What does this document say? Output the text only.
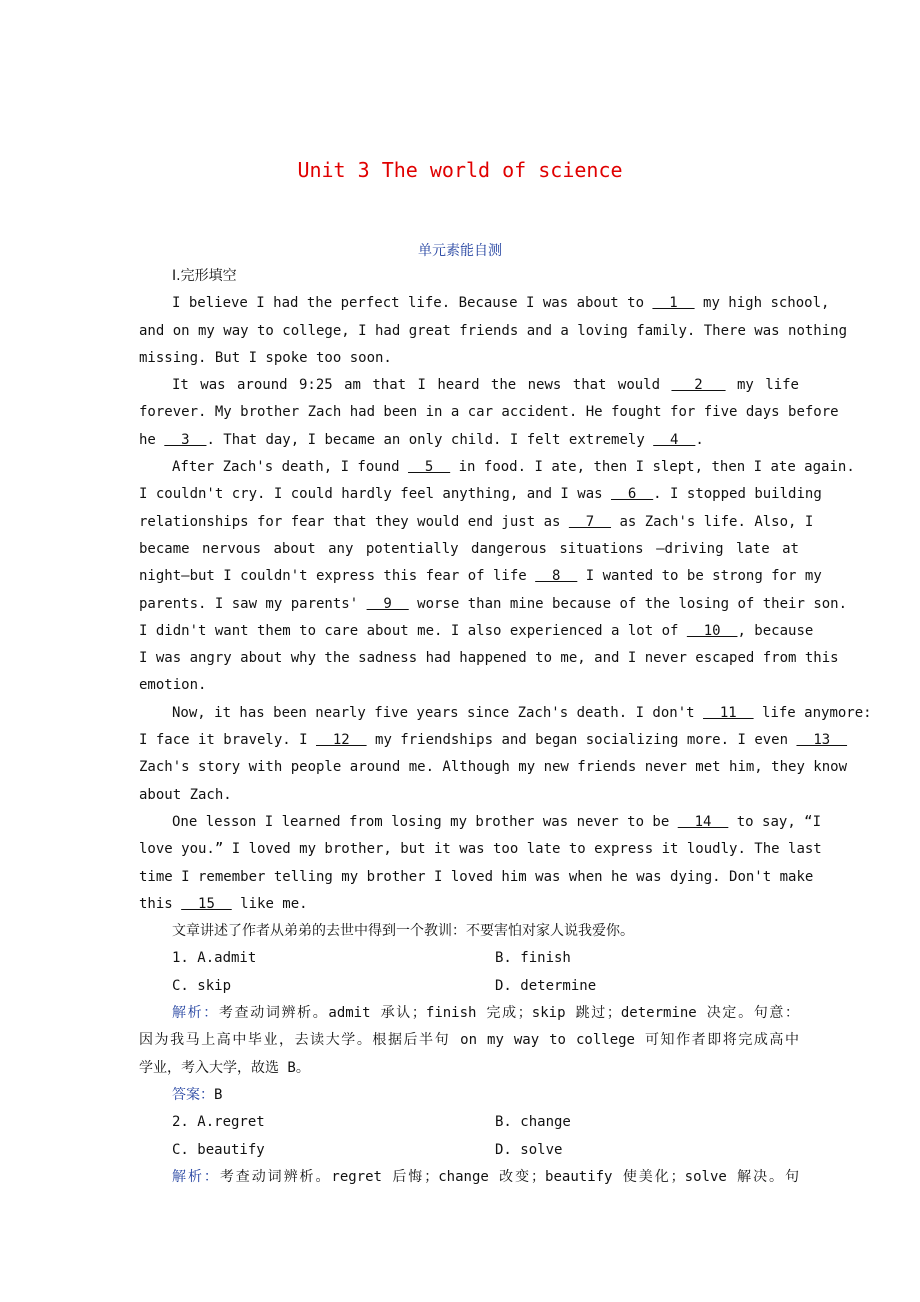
Unit 3 The world of science
单元素能自测
Ⅰ.完形填空
I believe I had the perfect life. Because I was about to   1   my high school,
and on my way to college, I had great friends and a loving family. There was nothing
missing. But I spoke too soon.
It was around 9:25 am that I heard the news that would   2   my life
forever. My brother Zach had been in a car accident. He fought for five days before
he   3  . That day, I became an only child. I felt extremely   4  .
After Zach's death, I found   5   in food. I ate, then I slept, then I ate again.
I couldn't cry. I could hardly feel anything, and I was   6  . I stopped building
relationships for fear that they would end just as   7   as Zach's life. Also, I
became nervous about any potentially dangerous situations —driving late at
night—but I couldn't express this fear of life   8   I wanted to be strong for my
parents. I saw my parents'   9   worse than mine because of the losing of their son.
I didn't want them to care about me. I also experienced a lot of   10  , because
I was angry about why the sadness had happened to me, and I never escaped from this
emotion.
Now, it has been nearly five years since Zach's death. I don't   11   life anymore:
I face it bravely. I   12   my friendships and began socializing more. I even   13
Zach's story with people around me. Although my new friends never met him, they know
about Zach.
One lesson I learned from losing my brother was never to be   14   to say, “I
love you.” I loved my brother, but it was too late to express it loudly. The last
time I remember telling my brother I loved him was when he was dying. Don't make
this   15   like me.
文章讲述了作者从弟弟的去世中得到一个教训：不要害怕对家人说我爱你。
1. A.admit	B. finish
C. skip	D. determine
解析：考查动词辨析。admit 承认；finish 完成；skip 跳过；determine 决定。句意：
因为我马上高中毕业，去读大学。根据后半句 on my way to college 可知作者即将完成高中
学业，考入大学，故选 B。
答案：B
2. A.regret	B. change
C. beautify	D. solve
解析：考查动词辨析。regret 后悔；change 改变；beautify 使美化；solve 解决。句
